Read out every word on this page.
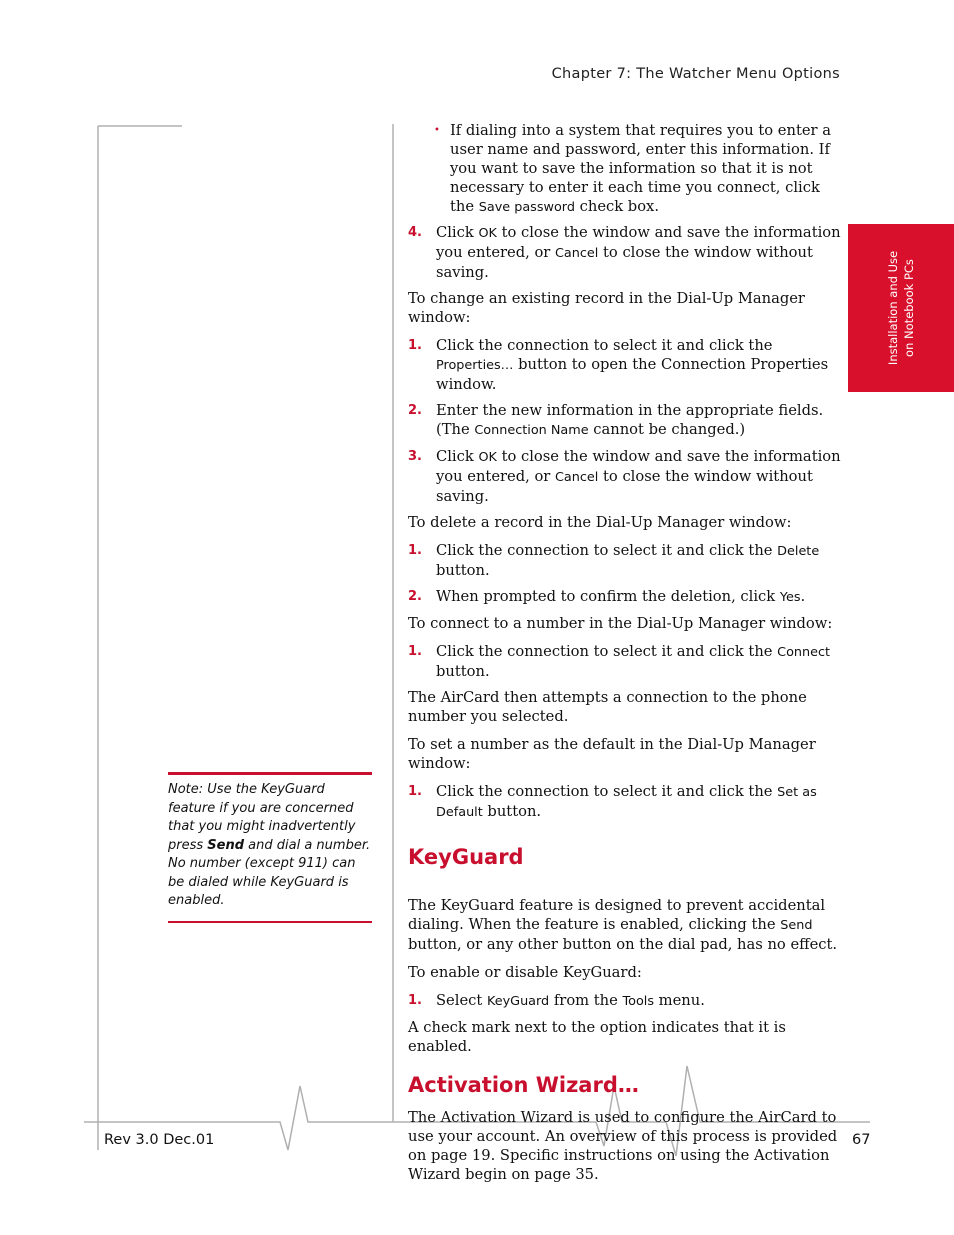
Chapter 7: The Watcher Menu Options
Installation and Use on Notebook PCs
• If dialing into a system that requires you to enter a user name and password, enter this information. If you want to save the information so that it is not necessary to enter it each time you connect, click the Save password check box.
4. Click OK to close the window and save the information you entered, or Cancel to close the window without saving.

To change an existing record in the Dial-Up Manager window:

1. Click the connection to select it and click the Properties… button to open the Connection Properties window.
2. Enter the new information in the appropriate fields. (The Connection Name cannot be changed.)
3. Click OK to close the window and save the information you entered, or Cancel to close the window without saving.

To delete a record in the Dial-Up Manager window:

1. Click the connection to select it and click the Delete button.
2. When prompted to confirm the deletion, click Yes.

To connect to a number in the Dial-Up Manager window:

1. Click the connection to select it and click the Connect button.

The AirCard then attempts a connection to the phone number you selected.

To set a number as the default in the Dial-Up Manager window:

1. Click the connection to select it and click the Set as Default button.
KeyGuard

The KeyGuard feature is designed to prevent accidental dialing. When the feature is enabled, clicking the Send button, or any other button on the dial pad, has no effect.

To enable or disable KeyGuard:

1. Select KeyGuard from the Tools menu.

A check mark next to the option indicates that it is enabled.

Activation Wizard…

The Activation Wizard is used to configure the AirCard to use your account. An overview of this process is provided on page 19. Specific instructions on using the Activation Wizard begin on page 35.

Note: Use the KeyGuard feature if you are concerned that you might inadvertently press Send and dial a number. No number (except 911) can be dialed while KeyGuard is enabled.
Rev 3.0 Dec.01	67
